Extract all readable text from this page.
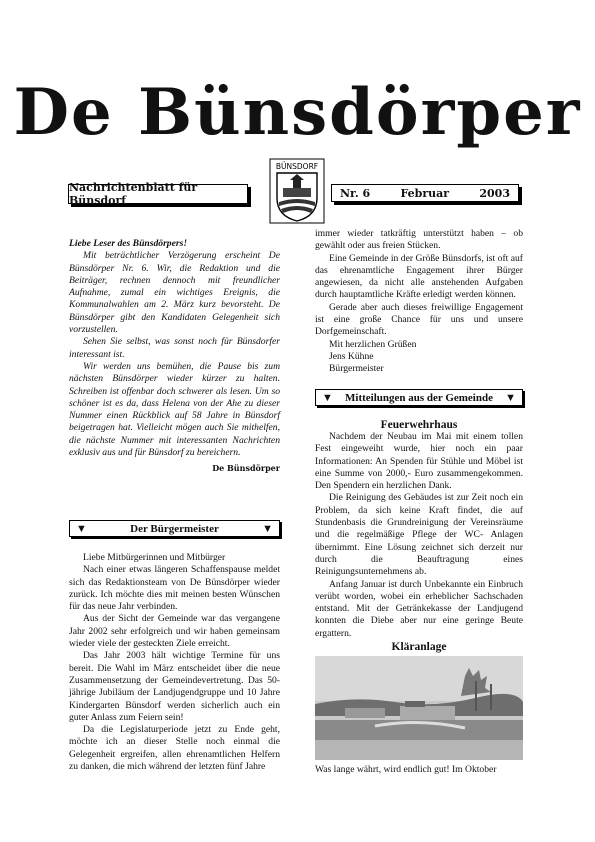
De Bünsdörper
Nachrichtenblatt für Bünsdorf
BÜNSDORF
Nr. 6	Februar	2003

Liebe Leser des Bünsdörpers!

Mit beträchtlicher Verzögerung erscheint De Bünsdörper Nr. 6. Wir, die Redaktion und die Beiträger, rechnen dennoch mit freundlicher Aufnahme, zumal ein wichtiges Ereignis, die Kommunalwahlen am 2. März kurz bevorsteht. De Bünsdörper gibt den Kandidaten Gelegenheit sich vorzustellen.

Sehen Sie selbst, was sonst noch für Bünsdorfer interessant ist.

Wir werden uns bemühen, die Pause bis zum nächsten Bünsdörper wieder kürzer zu halten. Schreiben ist offenbar doch schwerer als lesen. Um so schöner ist es da, dass Helena von der Ahe zu dieser Nummer einen Rückblick auf 58 Jahre in Bünsdorf beigetragen hat. Vielleicht mögen auch Sie mithelfen, die nächste Nummer mit interessanten Nachrichten exklusiv aus und für Bünsdorf zu bereichern.

De Bünsdörper
▼	Der Bürgermeister	▼

Liebe Mitbürgerinnen und Mitbürger

Nach einer etwas längeren Schaffenspause meldet sich das Redaktionsteam von De Bünsdörper wieder zurück. Ich möchte dies mit meinen besten Wünschen für das neue Jahr verbinden.

Aus der Sicht der Gemeinde war das vergangene Jahr 2002 sehr erfolgreich und wir haben gemeinsam wieder viele der gesteckten Ziele erreicht.

Das Jahr 2003 hält wichtige Termine für uns bereit. Die Wahl im März entscheidet über die neue Zusammensetzung der Gemeindevertretung. Das 50- jährige Jubiläum der Landjugendgruppe und 10 Jahre Kindergarten Bünsdorf werden sicherlich auch ein guter Anlass zum Feiern sein!

Da die Legislaturperiode jetzt zu Ende geht, möchte ich an dieser Stelle noch einmal die Gelegenheit ergreifen, allen ehrenamtlichen Helfern zu danken, die mich während der letzten fünf Jahre

immer wieder tatkräftig unterstützt haben – ob gewählt oder aus freien Stücken.

Eine Gemeinde in der Größe Bünsdorfs, ist oft auf das ehrenamtliche Engagement ihrer Bürger angewiesen, da nicht alle anstehenden Aufgaben durch hauptamtliche Kräfte erledigt werden können.

Gerade aber auch dieses freiwillige Engagement ist eine große Chance für uns und unsere Dorfgemeinschaft.

Mit herzlichen Grüßen

Jens Kühne

Bürgermeister

▼ Mitteilungen aus der Gemeinde ▼
Feuerwehrhaus

Nachdem der Neubau im Mai mit einem tollen Fest eingeweiht wurde, hier noch ein paar Informationen: An Spenden für Stühle und Möbel ist eine Summe von 2000,- Euro zusammengekommen. Den Spendern ein herzlichen Dank.

Die Reinigung des Gebäudes ist zur Zeit noch ein Problem, da sich keine Kraft findet, die auf Stundenbasis die Grundreinigung der Vereinsräume und die regelmäßige Pflege der WC- Anlagen übernimmt. Eine Lösung zeichnet sich derzeit nur durch die Beauftragung eines Reinigungsunternehmens ab.

Anfang Januar ist durch Unbekannte ein Einbruch verübt worden, wobei ein erheblicher Sachschaden entstand. Mit der Getränkekasse der Landjugend konnten die Diebe aber nur eine geringe Beute ergattern.

Kläranlage
Was lange währt, wird endlich gut! Im Oktober
